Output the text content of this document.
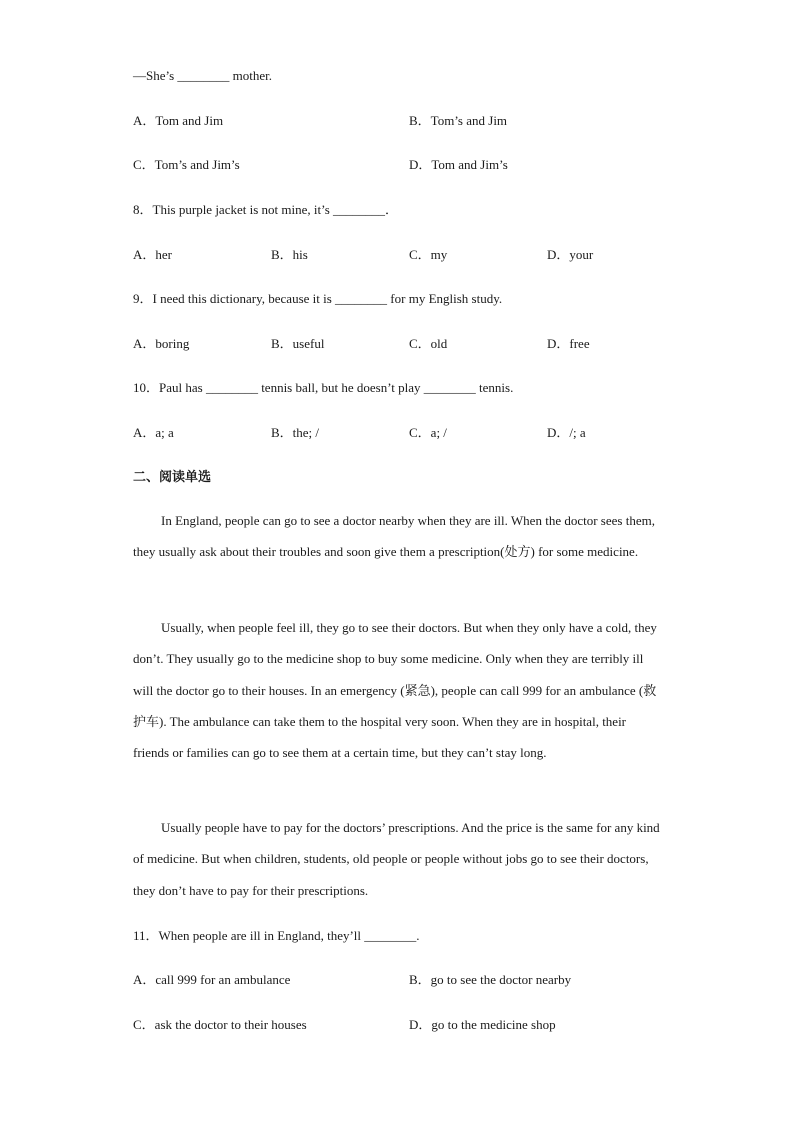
—She’s ________ mother.
A．Tom and Jim	B．Tom’s and Jim
C．Tom’s and Jim’s	D．Tom and Jim’s
8．This purple jacket is not mine, it’s ________．
A．her	B．his	C．my	D．your
9．I need this dictionary, because it is ________ for my English study.
A．boring	B．useful	C．old	D．free
10．Paul has ________ tennis ball, but he doesn’t play ________ tennis.
A．a; a	B．the; /	C．a; /	D．/; a
二、阅读单选
In England, people can go to see a doctor nearby when they are ill. When the doctor sees them, they usually ask about their troubles and soon give them a prescription(处方) for some medicine.
Usually, when people feel ill, they go to see their doctors. But when they only have a cold, they don’t. They usually go to the medicine shop to buy some medicine. Only when they are terribly ill will the doctor go to their houses. In an emergency (紧急), people can call 999 for an ambulance (救护车). The ambulance can take them to the hospital very soon. When they are in hospital, their friends or families can go to see them at a certain time, but they can’t stay long.
Usually people have to pay for the doctors’ prescriptions. And the price is the same for any kind of medicine. But when children, students, old people or people without jobs go to see their doctors, they don’t have to pay for their prescriptions.
11．When people are ill in England, they’ll ________.
A．call 999 for an ambulance	B．go to see the doctor nearby
C．ask the doctor to their houses	D．go to the medicine shop
